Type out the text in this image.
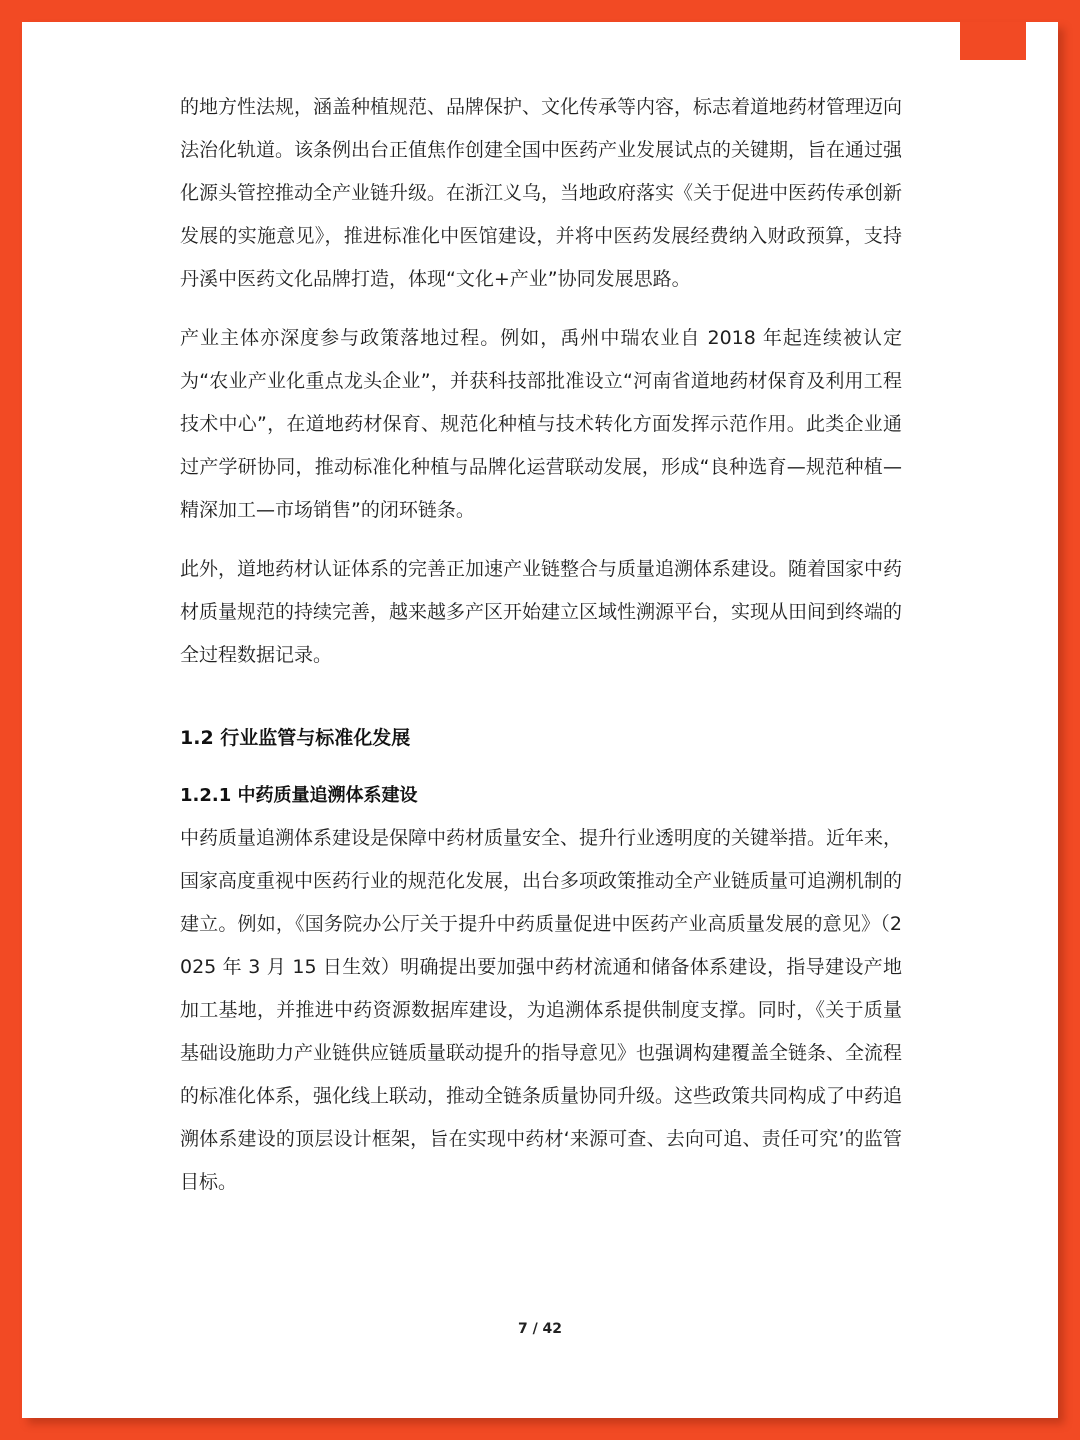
的地方性法规，涵盖种植规范、品牌保护、文化传承等内容，标志着道地药材管理迈向法治化轨道。该条例出台正值焦作创建全国中医药产业发展试点的关键期，旨在通过强化源头管控推动全产业链升级。在浙江义乌，当地政府落实《关于促进中医药传承创新发展的实施意见》，推进标准化中医馆建设，并将中医药发展经费纳入财政预算，支持丹溪中医药文化品牌打造，体现“文化+产业”协同发展思路。

产业主体亦深度参与政策落地过程。例如，禹州中瑞农业自 2018 年起连续被认定为“农业产业化重点龙头企业”，并获科技部批准设立“河南省道地药材保育及利用工程技术中心”，在道地药材保育、规范化种植与技术转化方面发挥示范作用。此类企业通过产学研协同，推动标准化种植与品牌化运营联动发展，形成“良种选育—规范种植—精深加工—市场销售”的闭环链条。

此外，道地药材认证体系的完善正加速产业链整合与质量追溯体系建设。随着国家中药材质量规范的持续完善，越来越多产区开始建立区域性溯源平台，实现从田间到终端的全过程数据记录。

1.2 行业监管与标准化发展
1.2.1 中药质量追溯体系建设

中药质量追溯体系建设是保障中药材质量安全、提升行业透明度的关键举措。近年来，国家高度重视中医药行业的规范化发展，出台多项政策推动全产业链质量可追溯机制的建立。例如，《国务院办公厅关于提升中药质量促进中医药产业高质量发展的意见》（2025 年 3 月 15 日生效）明确提出要加强中药材流通和储备体系建设，指导建设产地加工基地，并推进中药资源数据库建设，为追溯体系提供制度支撑。同时，《关于质量基础设施助力产业链供应链质量联动提升的指导意见》也强调构建覆盖全链条、全流程的标准化体系，强化线上联动，推动全链条质量协同升级。这些政策共同构成了中药追溯体系建设的顶层设计框架，旨在实现中药材‘来源可查、去向可追、责任可究’的监管目标。

7 / 42
